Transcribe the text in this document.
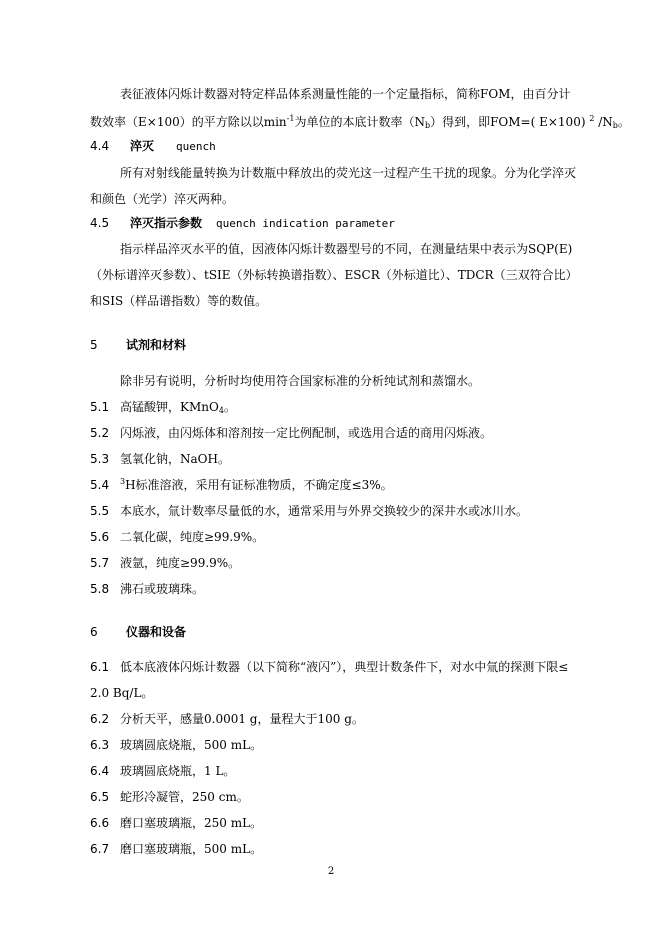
表征液体闪烁计数器对特定样品体系测量性能的一个定量指标，简称FOM，由百分计
数效率（E×100）的平方除以以$\min^{-1}$为单位的本底计数率$(N_b)$得到，即FOM=( E×100) $^2$ $/N_b$。
4.4 淬灭 quench
所有对射线能量转换为计数瓶中释放出的荧光这一过程产生干扰的现象。分为化学淬灭
和颜色（光学）淬灭两种。
4.5 淬灭指示参数 quench indication parameter
指示样品淬灭水平的值，因液体闪烁计数器型号的不同，在测量结果中表示为SQP(E)
（外标谱淬灭参数）、tSIE（外标转换谱指数）、ESCR（外标道比）、TDCR（三双符合比）
和SIS（样品谱指数）等的数值。
5 试剂和材料
除非另有说明，分析时均使用符合国家标准的分析纯试剂和蒸馏水。
5.1 高锰酸钾，KMnO$_4$。
5.2 闪烁液，由闪烁体和溶剂按一定比例配制，或选用合适的商用闪烁液。
5.3 氢氧化钠，NaOH。
5.4 $^3$H标准溶液，采用有证标准物质，不确定度≤3%。
5.5 本底水，氚计数率尽量低的水，通常采用与外界交换较少的深井水或冰川水。
5.6 二氧化碳，纯度≥99.9%。
5.7 液氩，纯度≥99.9%。
5.8 沸石或玻璃珠。
6 仪器和设备
6.1 低本底液体闪烁计数器（以下简称“液闪”），典型计数条件下，对水中氚的探测下限≤
2.0 Bq/L。
6.2 分析天平，感量0.0001 g，量程大于100 g。
6.3 玻璃圆底烧瓶，500 mL。
6.4 玻璃圆底烧瓶，1 L。
6.5 蛇形冷凝管，250 cm。
6.6 磨口塞玻璃瓶，250 mL。
6.7 磨口塞玻璃瓶，500 mL。
2
